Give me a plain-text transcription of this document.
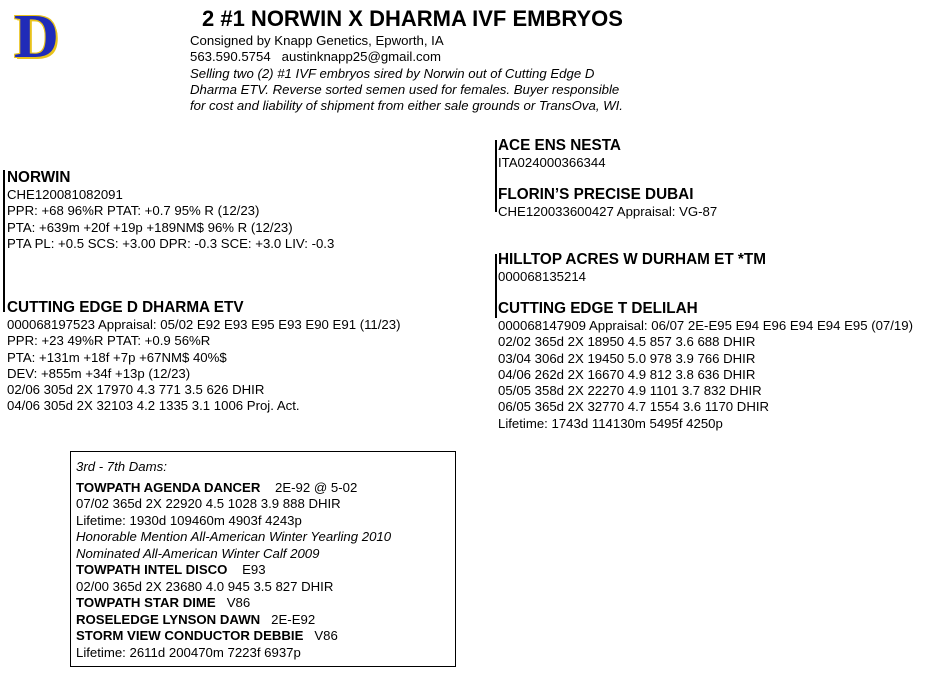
D	2 #1 NORWIN X DHARMA IVF EMBRYOS
Consigned by Knapp Genetics, Epworth, IA
563.590.5754 austinknapp25@gmail.com
Selling two (2) #1 IVF embryos sired by Norwin out of Cutting Edge D
Dharma ETV. Reverse sorted semen used for females. Buyer responsible
for cost and liability of shipment from either sale grounds or TransOva, WI.
NORWIN
CHE120081082091
PPR: +68 96%R PTAT: +0.7 95% R (12/23)
PTA: +639m +20f +19p +189NM$ 96% R (12/23)
PTA PL: +0.5 SCS: +3.00 DPR: -0.3 SCE: +3.0 LIV: -0.3
CUTTING EDGE D DHARMA ETV
000068197523 Appraisal: 05/02 E92 E93 E95 E93 E90 E91 (11/23)
PPR: +23 49%R PTAT: +0.9 56%R
PTA: +131m +18f +7p +67NM$ 40%$
DEV: +855m +34f +13p (12/23)
02/06 305d 2X 17970 4.3 771 3.5 626 DHIR
04/06 305d 2X 32103 4.2 1335 3.1 1006 Proj. Act.
ACE ENS NESTA
ITA024000366344
FLORIN’S PRECISE DUBAI
CHE120033600427 Appraisal: VG-87
HILLTOP ACRES W DURHAM ET *TM
000068135214
CUTTING EDGE T DELILAH
000068147909 Appraisal: 06/07 2E-E95 E94 E96 E94 E94 E95 (07/19)
02/02 365d 2X 18950 4.5 857 3.6 688 DHIR
03/04 306d 2X 19450 5.0 978 3.9 766 DHIR
04/06 262d 2X 16670 4.9 812 3.8 636 DHIR
05/05 358d 2X 22270 4.9 1101 3.7 832 DHIR
06/05 365d 2X 32770 4.7 1554 3.6 1170 DHIR
Lifetime: 1743d 114130m 5495f 4250p
3rd - 7th Dams:
TOWPATH AGENDA DANCER 2E-92 @ 5-02
07/02 365d 2X 22920 4.5 1028 3.9 888 DHIR
Lifetime: 1930d 109460m 4903f 4243p
Honorable Mention All-American Winter Yearling 2010
Nominated All-American Winter Calf 2009
TOWPATH INTEL DISCO E93
02/00 365d 2X 23680 4.0 945 3.5 827 DHIR
TOWPATH STAR DIME V86
ROSELEDGE LYNSON DAWN 2E-E92
STORM VIEW CONDUCTOR DEBBIE V86
Lifetime: 2611d 200470m 7223f 6937p
